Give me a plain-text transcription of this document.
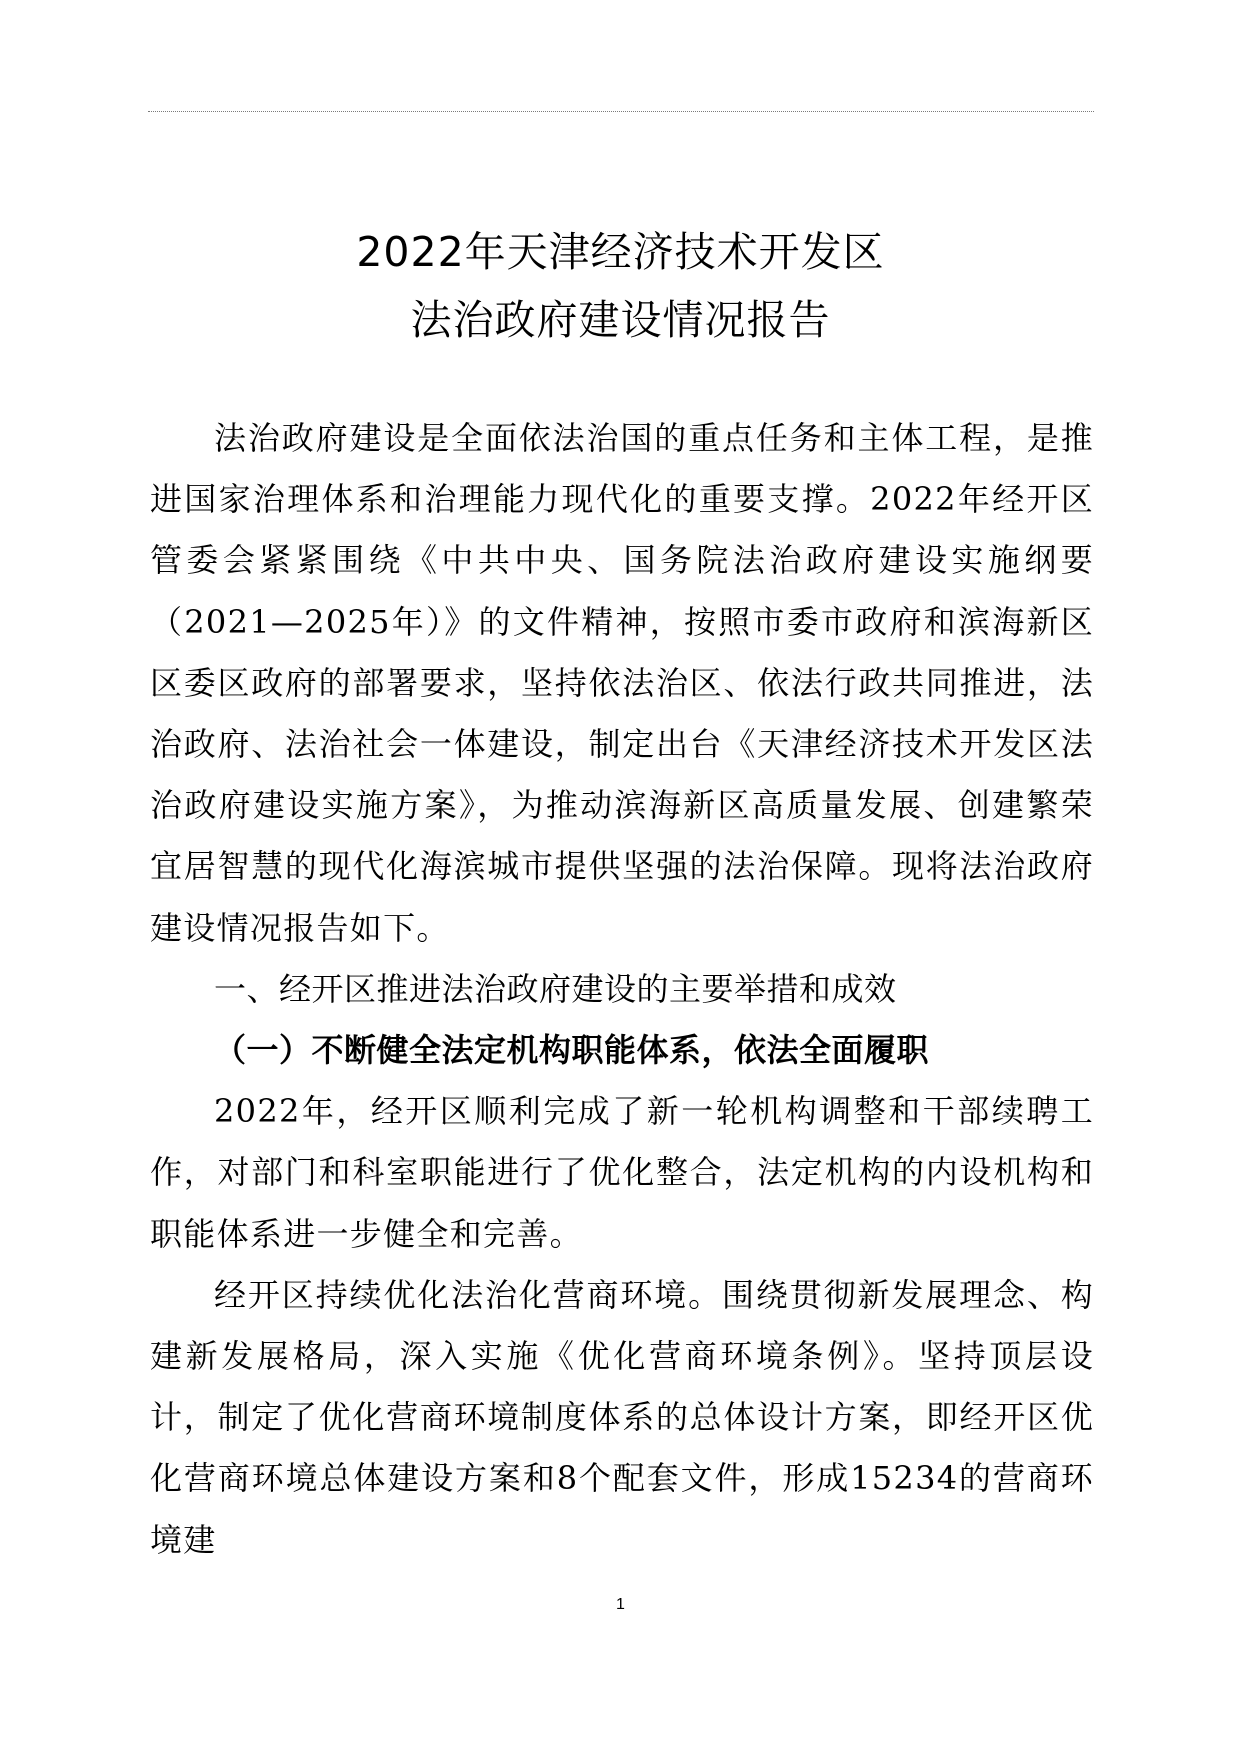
2022年天津经济技术开发区
法治政府建设情况报告

法治政府建设是全面依法治国的重点任务和主体工程，是推进国家治理体系和治理能力现代化的重要支撑。2022年经开区管委会紧紧围绕《中共中央、国务院法治政府建设实施纲要（2021—2025年）》的文件精神，按照市委市政府和滨海新区区委区政府的部署要求，坚持依法治区、依法行政共同推进，法治政府、法治社会一体建设，制定出台《天津经济技术开发区法治政府建设实施方案》，为推动滨海新区高质量发展、创建繁荣宜居智慧的现代化海滨城市提供坚强的法治保障。现将法治政府建设情况报告如下。

一、经开区推进法治政府建设的主要举措和成效

（一）不断健全法定机构职能体系，依法全面履职

2022年，经开区顺利完成了新一轮机构调整和干部续聘工作，对部门和科室职能进行了优化整合，法定机构的内设机构和职能体系进一步健全和完善。

经开区持续优化法治化营商环境。围绕贯彻新发展理念、构建新发展格局，深入实施《优化营商环境条例》。坚持顶层设计，制定了优化营商环境制度体系的总体设计方案，即经开区优化营商环境总体建设方案和8个配套文件，形成15234的营商环境建

1
